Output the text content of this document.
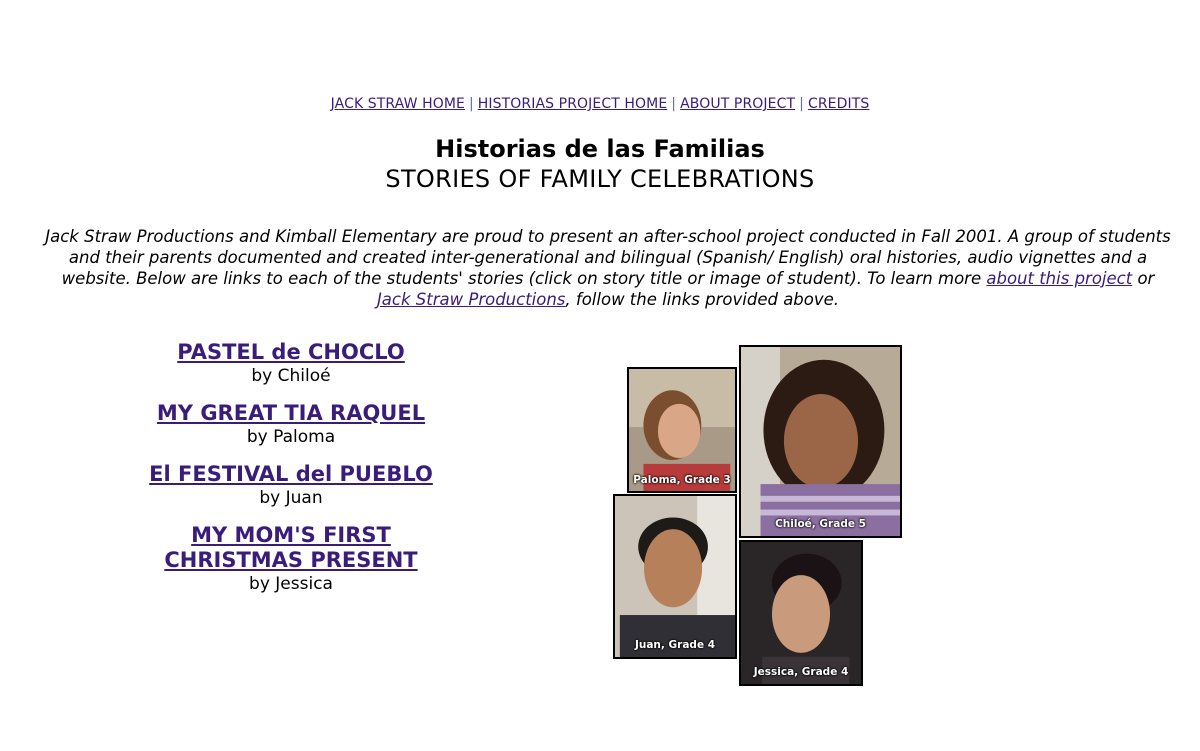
JACK STRAW HOME | HISTORIAS PROJECT HOME | ABOUT PROJECT | CREDITS
Historias de las Familias
STORIES OF FAMILY CELEBRATIONS
Jack Straw Productions and Kimball Elementary are proud to present an after-school project conducted in Fall 2001. A group of students and their parents documented and created inter-generational and bilingual (Spanish/ English) oral histories, audio vignettes and a website. Below are links to each of the students' stories (click on story title or image of student). To learn more about this project or Jack Straw Productions, follow the links provided above.
PASTEL de CHOCLO
by Chiloé
MY GREAT TIA RAQUEL
by Paloma
El FESTIVAL del PUEBLO
by Juan
MY MOM'S FIRST CHRISTMAS PRESENT
by Jessica
Paloma, Grade 3
Chiloé, Grade 5
Juan, Grade 4
Jessica, Grade 4
